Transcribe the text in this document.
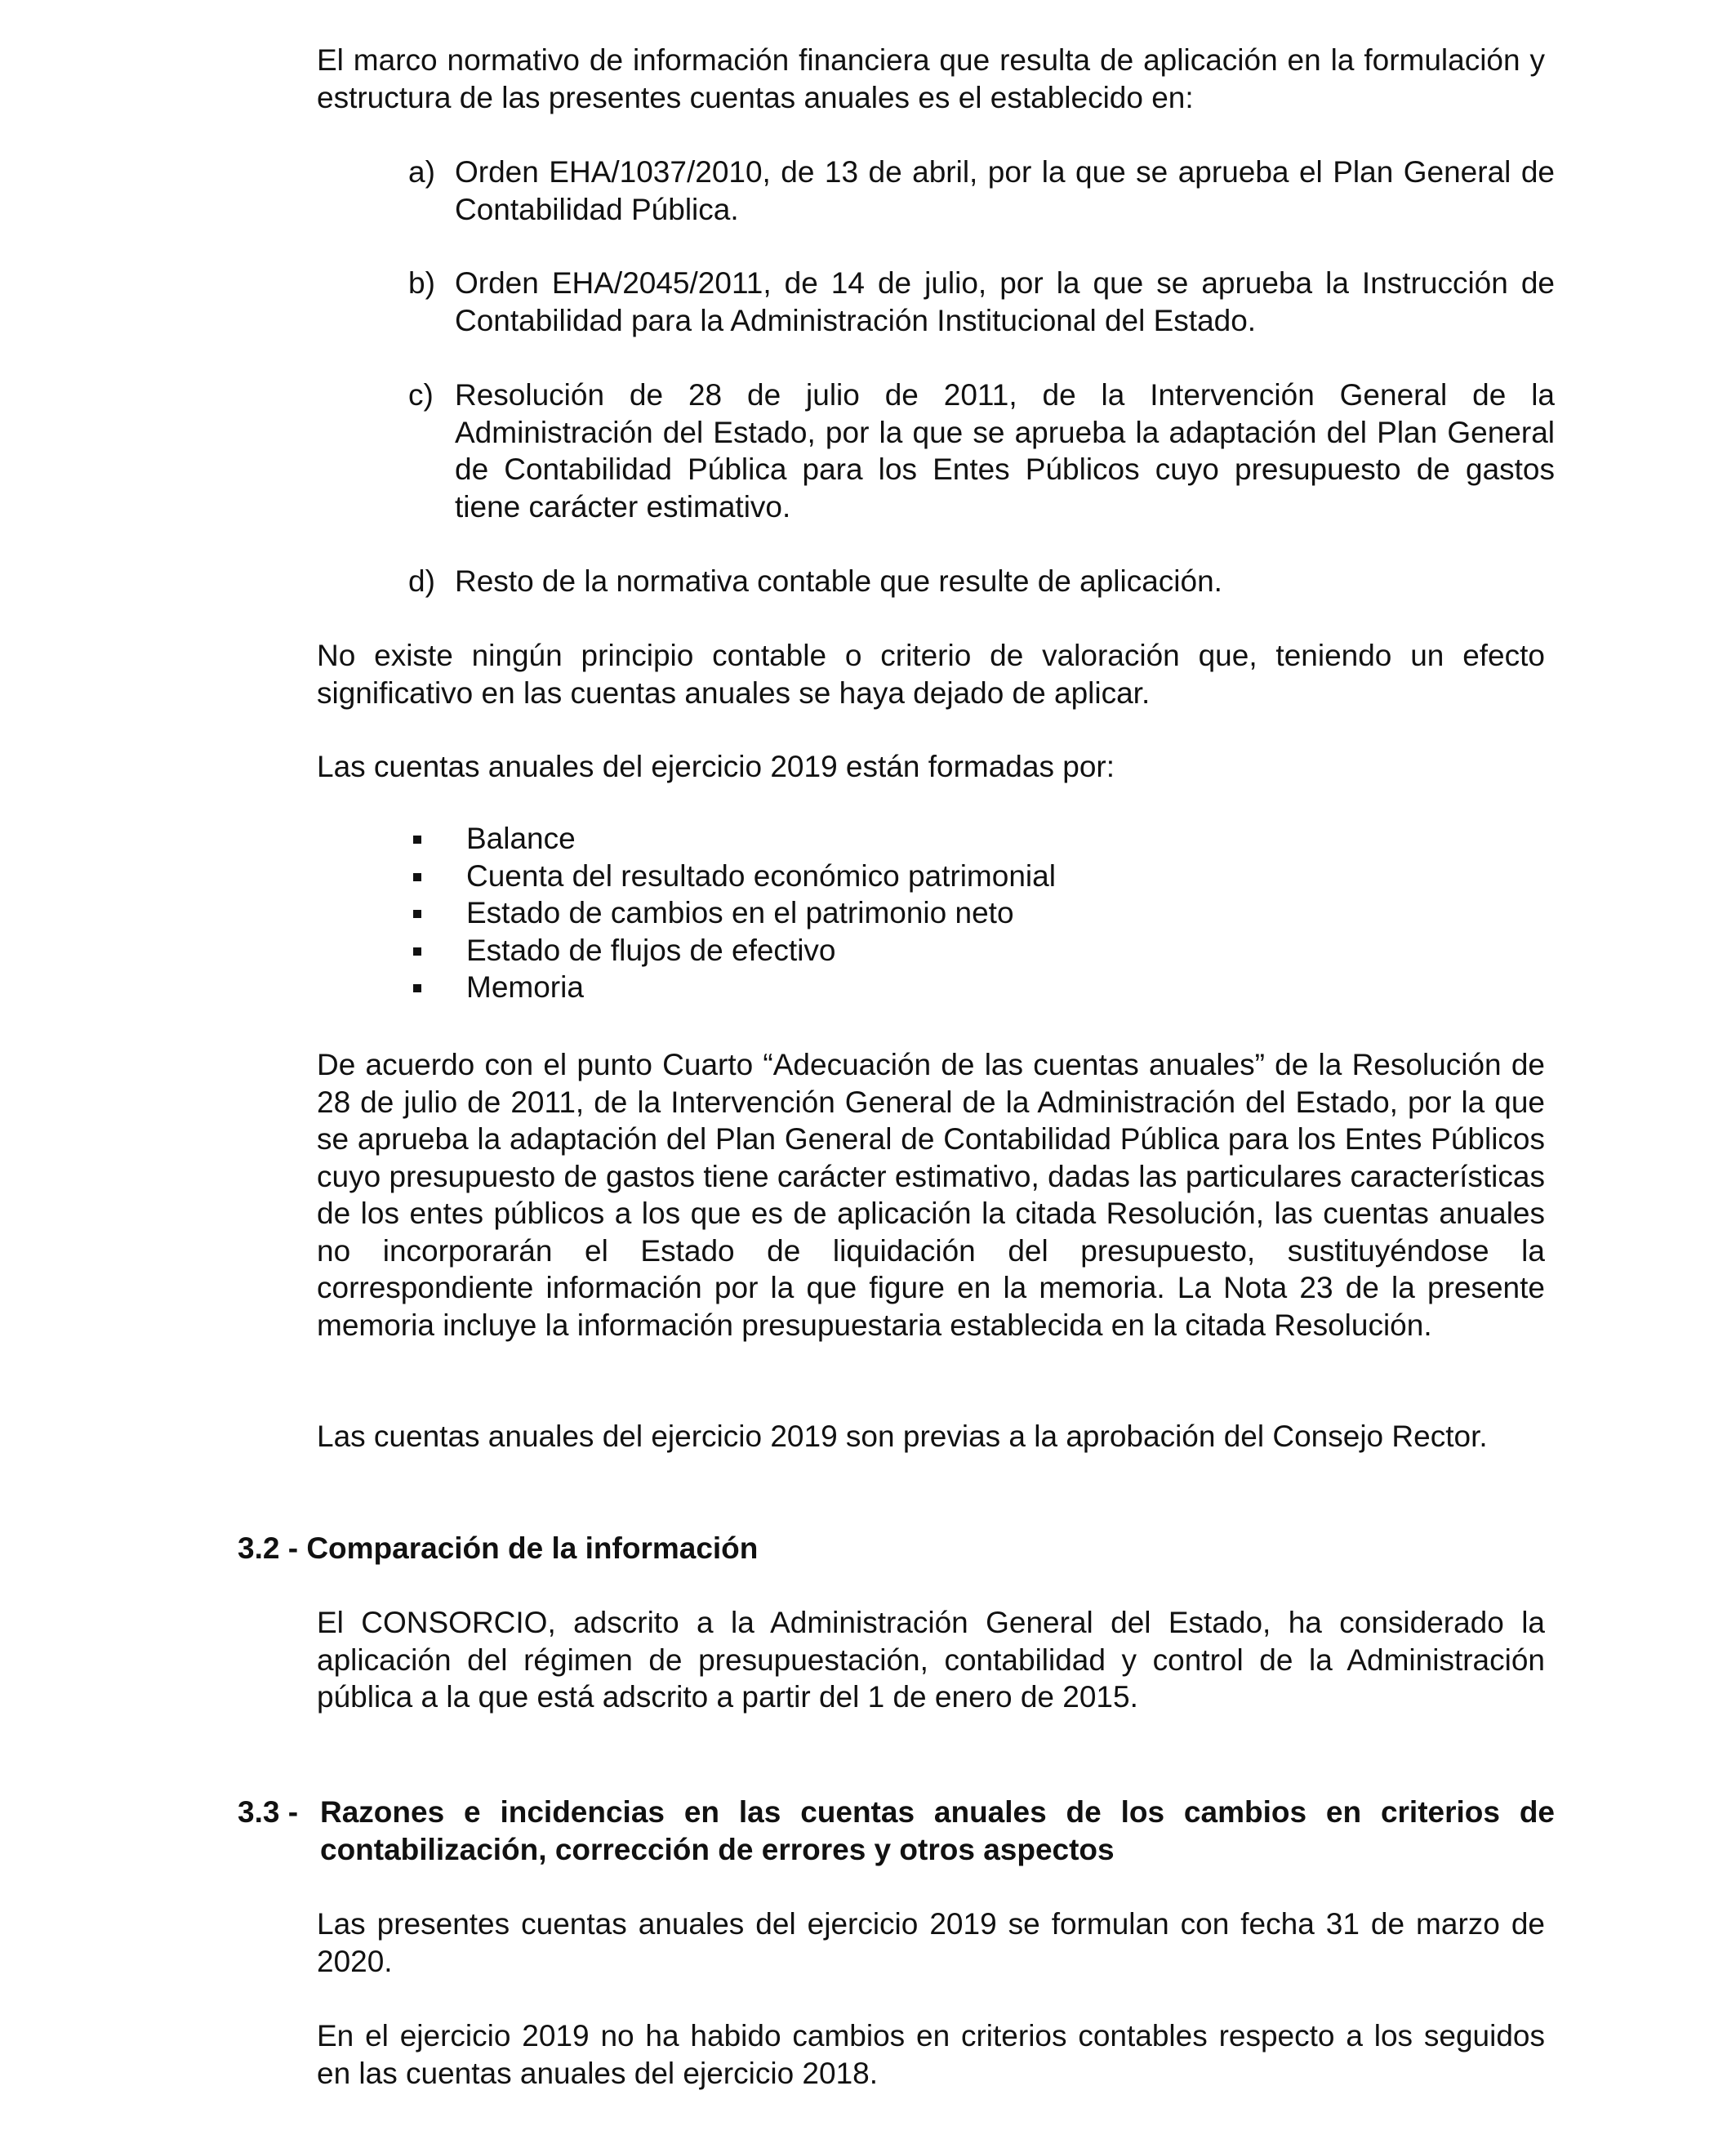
El marco normativo de información financiera que resulta de aplicación en la formulación y estructura de las presentes cuentas anuales es el establecido en:

a) Orden EHA/1037/2010, de 13 de abril, por la que se aprueba el Plan General de Contabilidad Pública.
b) Orden EHA/2045/2011, de 14 de julio, por la que se aprueba la Instrucción de Contabilidad para la Administración Institucional del Estado.
c) Resolución de 28 de julio de 2011, de la Intervención General de la Administración del Estado, por la que se aprueba la adaptación del Plan General de Contabilidad Pública para los Entes Públicos cuyo presupuesto de gastos tiene carácter estimativo.
d) Resto de la normativa contable que resulte de aplicación.

No existe ningún principio contable o criterio de valoración que, teniendo un efecto significativo en las cuentas anuales se haya dejado de aplicar.

Las cuentas anuales del ejercicio 2019 están formadas por:

Balance
Cuenta del resultado económico patrimonial
Estado de cambios en el patrimonio neto
Estado de flujos de efectivo
Memoria

De acuerdo con el punto Cuarto “Adecuación de las cuentas anuales” de la Resolución de 28 de julio de 2011, de la Intervención General de la Administración del Estado, por la que se aprueba la adaptación del Plan General de Contabilidad Pública para los Entes Públicos cuyo presupuesto de gastos tiene carácter estimativo, dadas las particulares características de los entes públicos a los que es de aplicación la citada Resolución, las cuentas anuales no incorporarán el Estado de liquidación del presupuesto, sustituyéndose la correspondiente información por la que figure en la memoria. La Nota 23 de la presente memoria incluye la información presupuestaria establecida en la citada Resolución.

Las cuentas anuales del ejercicio 2019 son previas a la aprobación del Consejo Rector.

3.2 - Comparación de la información

El CONSORCIO, adscrito a la Administración General del Estado, ha considerado la aplicación del régimen de presupuestación, contabilidad y control de la Administración pública a la que está adscrito a partir del 1 de enero de 2015.

3.3 - Razones e incidencias en las cuentas anuales de los cambios en criterios de contabilización, corrección de errores y otros aspectos

Las presentes cuentas anuales del ejercicio 2019 se formulan con fecha 31 de marzo de 2020.

En el ejercicio 2019 no ha habido cambios en criterios contables respecto a los seguidos en las cuentas anuales del ejercicio 2018.
